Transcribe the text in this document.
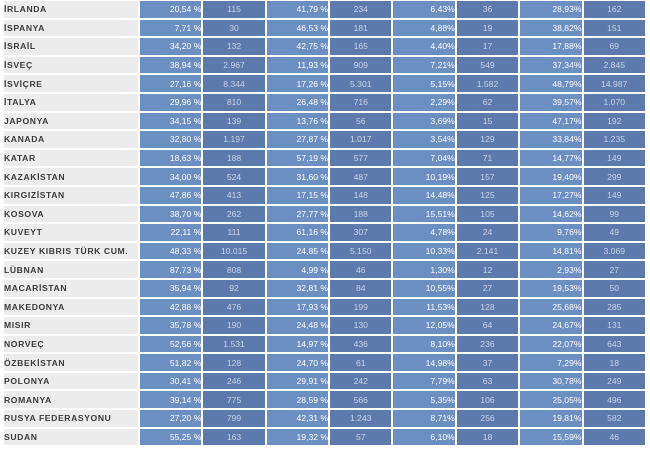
İRLANDA	20,54 %	115	41,79 %	234	6,43%	36	28,93%	162
İSPANYA	7,71 %	30	46,53 %	181	4,88%	19	38,82%	151
İSRAİL	34,20 %	132	42,75 %	165	4,40%	17	17,88%	69
İSVEÇ	38,94 %	2.967	11,93 %	909	7,21%	549	37,34%	2.845
İSVİÇRE	27,16 %	8.344	17,26 %	5.301	5,15%	1.582	48,79%	14.987
İTALYA	29,96 %	810	26,48 %	716	2,29%	62	39,57%	1.070
JAPONYA	34,15 %	139	13,76 %	56	3,69%	15	47,17%	192
KANADA	32,80 %	1.197	27,87 %	1.017	3,54%	129	33,84%	1.235
KATAR	18,63 %	188	57,19 %	577	7,04%	71	14,77%	149
KAZAKİSTAN	34,00 %	524	31,60 %	487	10,19%	157	19,40%	299
KIRGIZİSTAN	47,86 %	413	17,15 %	148	14,48%	125	17,27%	149
KOSOVA	38,70 %	262	27,77 %	188	15,51%	105	14,62%	99
KUVEYT	22,11 %	111	61,16 %	307	4,78%	24	9,76%	49
KUZEY KIBRIS TÜRK CUM.	48,33 %	10.015	24,85 %	5.150	10,33%	2.141	14,81%	3.069
LÜBNAN	87,73 %	808	4,99 %	46	1,30%	12	2,93%	27
MACARİSTAN	35,94 %	92	32,81 %	84	10,55%	27	19,53%	50
MAKEDONYA	42,88 %	476	17,93 %	199	11,53%	128	25,68%	285
MISIR	35,78 %	190	24,48 %	130	12,05%	64	24,67%	131
NORVEÇ	52,56 %	1.531	14,97 %	436	8,10%	236	22,07%	643
ÖZBEKİSTAN	51,82 %	128	24,70 %	61	14,98%	37	7,29%	18
POLONYA	30,41 %	246	29,91 %	242	7,79%	63	30,78%	249
ROMANYA	39,14 %	775	28,59 %	566	5,35%	106	25,05%	496
RUSYA FEDERASYONU	27,20 %	799	42,31 %	1.243	8,71%	256	19,81%	582
SUDAN	55,25 %	163	19,32 %	57	6,10%	18	15,59%	46
